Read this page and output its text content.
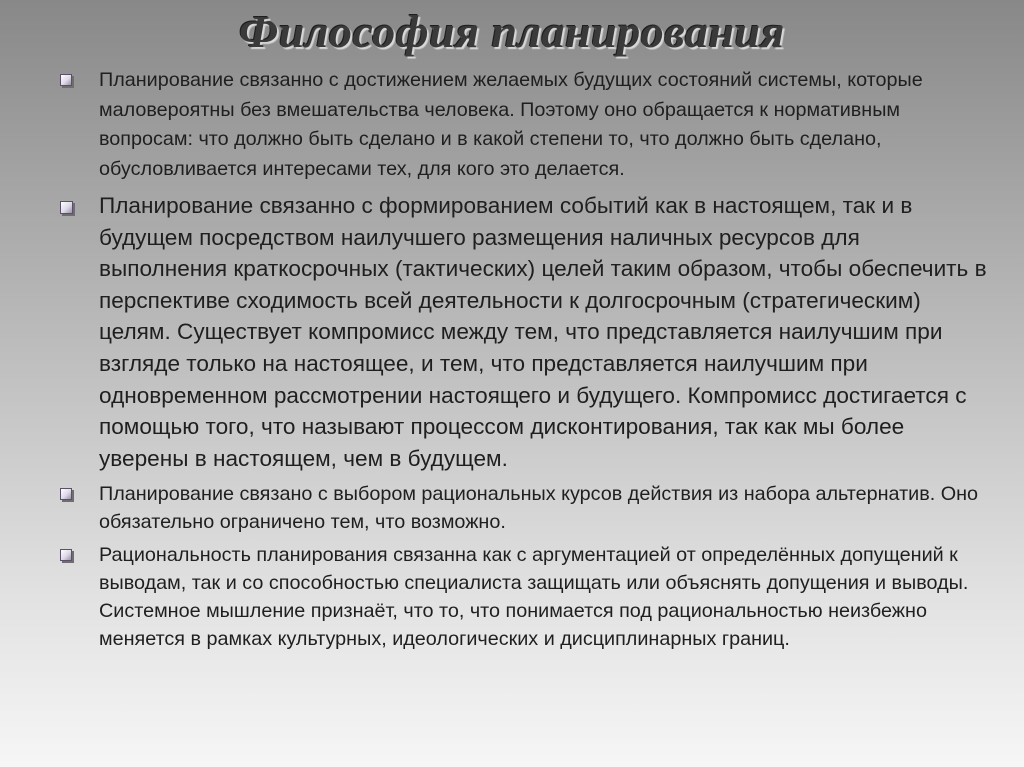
Философия планирования
Планирование связанно с достижением желаемых будущих состояний системы, которые маловероятны без вмешательства человека. Поэтому оно обращается к нормативным вопросам: что должно быть сделано и в какой степени то, что должно быть сделано, обусловливается интересами тех, для кого это делается.
Планирование связанно с формированием событий как в настоящем, так и в будущем посредством наилучшего размещения наличных ресурсов для выполнения краткосрочных (тактических) целей таким образом, чтобы обеспечить в перспективе сходимость всей деятельности к долгосрочным (стратегическим) целям. Существует компромисс между тем, что представляется наилучшим при взгляде только на настоящее, и тем, что представляется наилучшим при одновременном рассмотрении настоящего и будущего. Компромисс достигается с помощью того, что называют процессом дисконтирования, так как мы более уверены в настоящем, чем в будущем.
Планирование связано с выбором рациональных курсов действия из набора альтернатив. Оно обязательно ограничено тем, что возможно.
Рациональность планирования связанна как с аргументацией от определённых допущений к выводам, так и со способностью специалиста защищать или объяснять допущения и выводы. Системное мышление признаёт, что то, что понимается под рациональностью неизбежно меняется в рамках культурных, идеологических и дисциплинарных границ.
